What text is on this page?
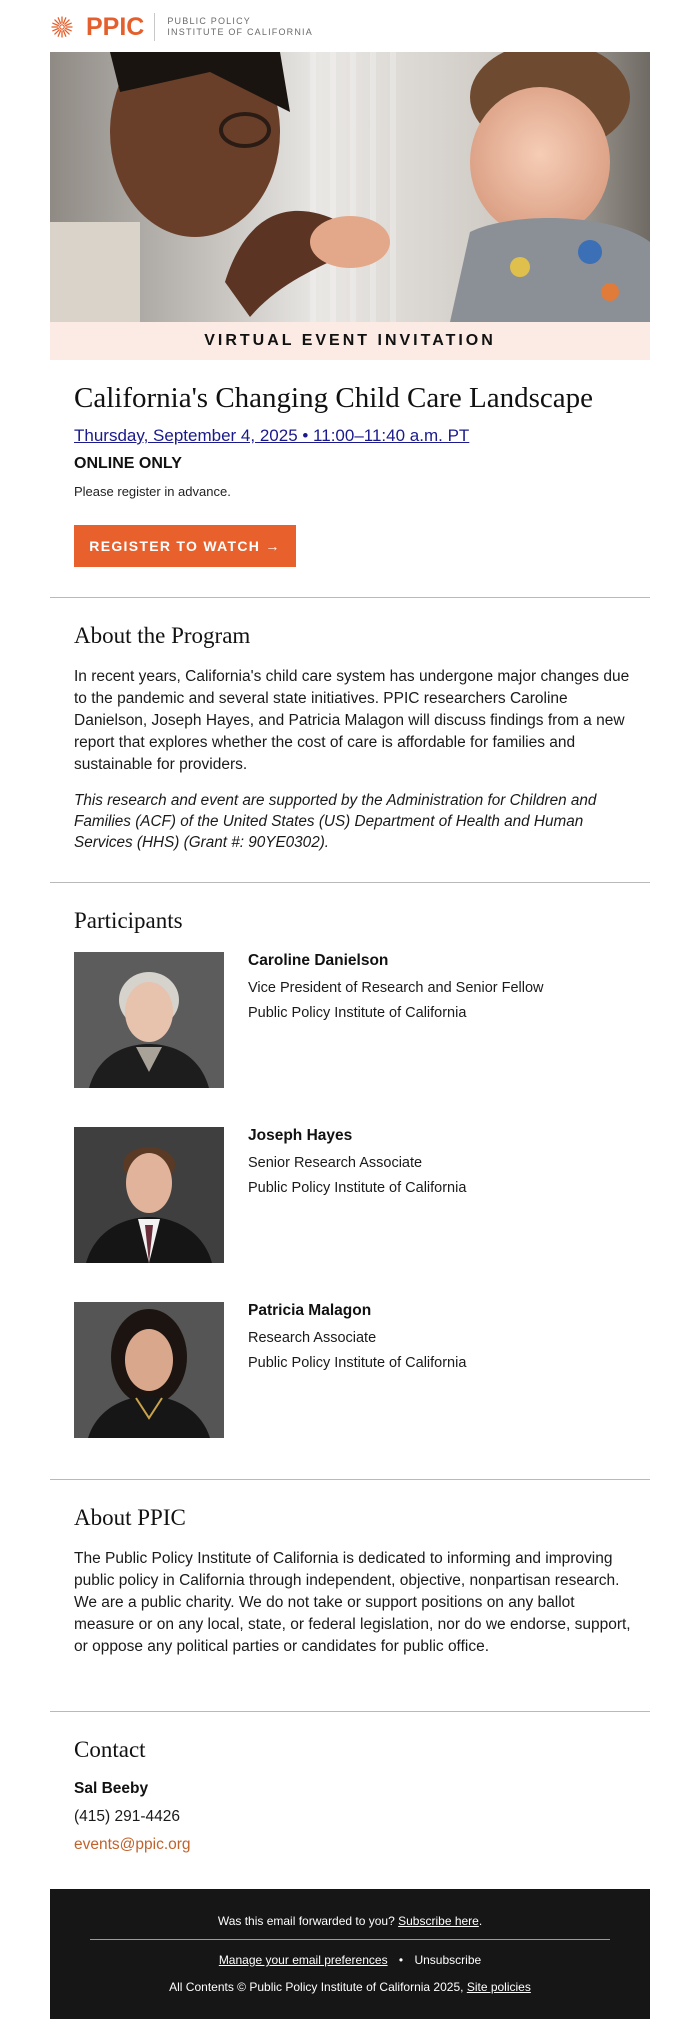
PPIC	PUBLIC POLICY
INSTITUTE OF CALIFORNIA
VIRTUAL EVENT INVITATION
California's Changing Child Care Landscape
Thursday, September 4, 2025 • 11:00–11:40 a.m. PT
ONLINE ONLY
Please register in advance.
REGISTER TO WATCH →
About the Program
In recent years, California's child care system has undergone major changes due to the pandemic and several state initiatives. PPIC researchers Caroline Danielson, Joseph Hayes, and Patricia Malagon will discuss findings from a new report that explores whether the cost of care is affordable for families and sustainable for providers.
This research and event are supported by the Administration for Children and Families (ACF) of the United States (US) Department of Health and Human Services (HHS) (Grant #: 90YE0302).
Participants
Caroline Danielson
Vice President of Research and Senior Fellow
Public Policy Institute of California
Joseph Hayes
Senior Research Associate
Public Policy Institute of California
Patricia Malagon
Research Associate
Public Policy Institute of California
About PPIC
The Public Policy Institute of California is dedicated to informing and improving public policy in California through independent, objective, nonpartisan research. We are a public charity. We do not take or support positions on any ballot measure or on any local, state, or federal legislation, nor do we endorse, support, or oppose any political parties or candidates for public office.
Contact
Sal Beeby
(415) 291-4426
events@ppic.org
Was this email forwarded to you? Subscribe here.
Manage your email preferences • Unsubscribe
All Contents © Public Policy Institute of California 2025, Site policies
